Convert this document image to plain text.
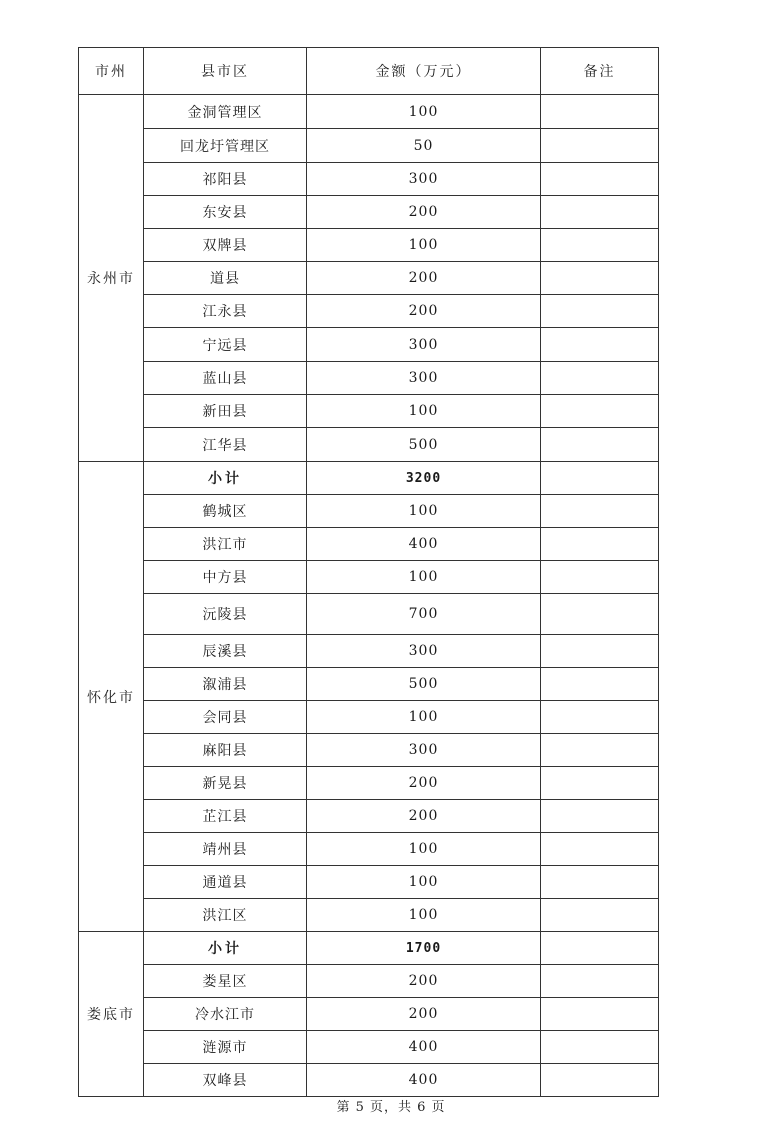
市州	县市区	金额（万元）	备注
永州市	金洞管理区	100	
	回龙圩管理区	50	
	祁阳县	300	
	东安县	200	
	双牌县	100	
	道县	200	
	江永县	200	
	宁远县	300	
	蓝山县	300	
	新田县	100	
	江华县	500	
怀化市	小计	3200	
	鹤城区	100	
	洪江市	400	
	中方县	100	
	沅陵县	700	
	辰溪县	300	
	溆浦县	500	
	会同县	100	
	麻阳县	300	
	新晃县	200	
	芷江县	200	
	靖州县	100	
	通道县	100	
	洪江区	100	
娄底市	小计	1700	
	娄星区	200	
	冷水江市	200	
	涟源市	400	
	双峰县	400	
第 5 页，共 6 页
